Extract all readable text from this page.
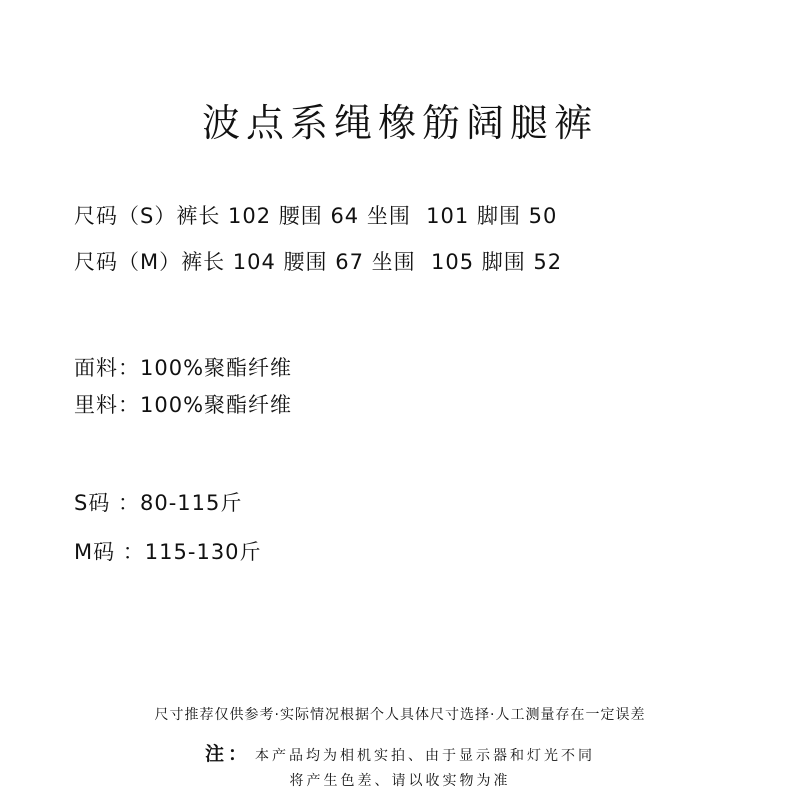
波点系绳橡筋阔腿裤
尺码（S）裤长 102 腰围 64 坐围  101 脚围 50
尺码（M）裤长 104 腰围 67 坐围  105 脚围 52
面料：100%聚酯纤维
里料：100%聚酯纤维
S码 ：80-115斤
M码 ：115-130斤
尺寸推荐仅供参考·实际情况根据个人具体尺寸选择·人工测量存在一定误差
注： 本产品均为相机实拍、由于显示器和灯光不同
将产生色差、请以收实物为准
